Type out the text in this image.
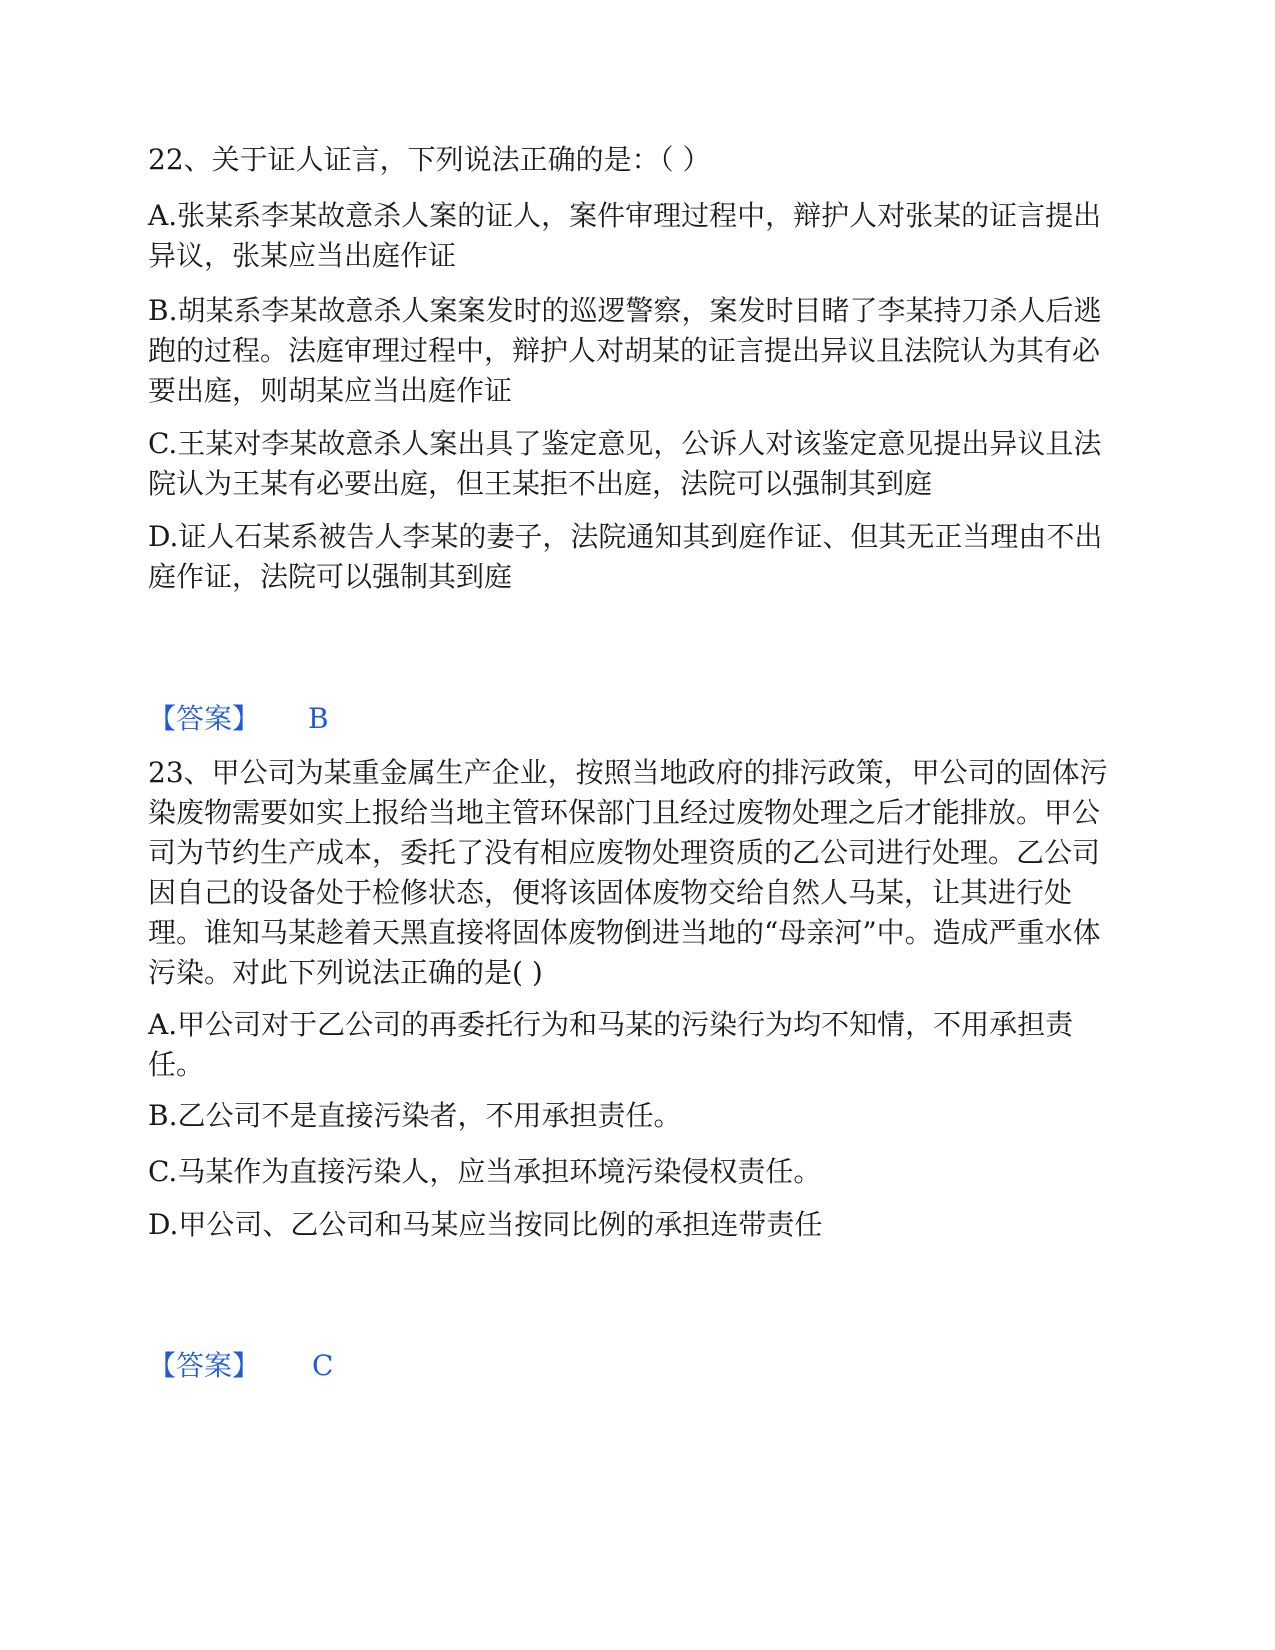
22、关于证人证言，下列说法正确的是：（ ）

A.张某系李某故意杀人案的证人，案件审理过程中，辩护人对张某的证言提出异议，张某应当出庭作证

B.胡某系李某故意杀人案案发时的巡逻警察，案发时目睹了李某持刀杀人后逃跑的过程。法庭审理过程中，辩护人对胡某的证言提出异议且法院认为其有必要出庭，则胡某应当出庭作证

C.王某对李某故意杀人案出具了鉴定意见，公诉人对该鉴定意见提出异议且法院认为王某有必要出庭，但王某拒不出庭，法院可以强制其到庭

D.证人石某系被告人李某的妻子，法院通知其到庭作证、但其无正当理由不出庭作证，法院可以强制其到庭

【答案】 B

23、甲公司为某重金属生产企业，按照当地政府的排污政策，甲公司的固体污染废物需要如实上报给当地主管环保部门且经过废物处理之后才能排放。甲公司为节约生产成本，委托了没有相应废物处理资质的乙公司进行处理。乙公司因自己的设备处于检修状态，便将该固体废物交给自然人马某，让其进行处理。谁知马某趁着天黑直接将固体废物倒进当地的“母亲河”中。造成严重水体污染。对此下列说法正确的是( )

A.甲公司对于乙公司的再委托行为和马某的污染行为均不知情，不用承担责任。

B.乙公司不是直接污染者，不用承担责任。

C.马某作为直接污染人，应当承担环境污染侵权责任。

D.甲公司、乙公司和马某应当按同比例的承担连带责任

【答案】 C
